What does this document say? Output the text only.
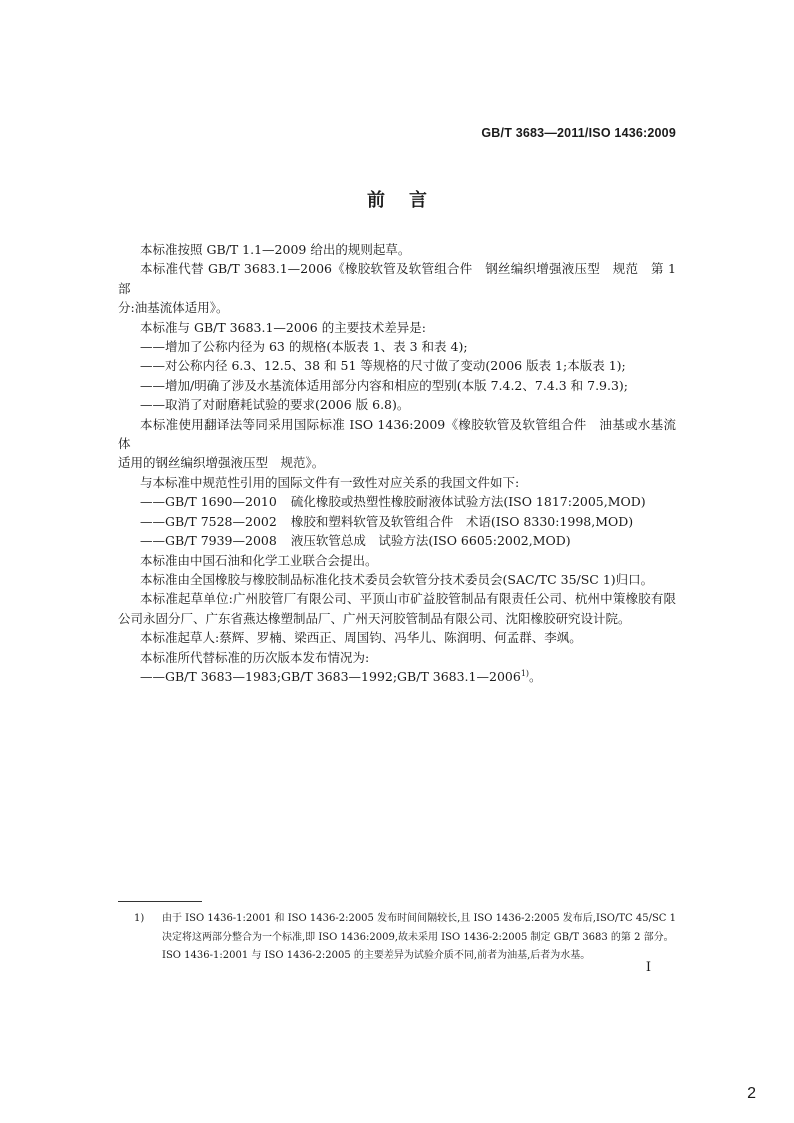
GB/T 3683—2011/ISO 1436:2009
前言
本标准按照 GB/T 1.1—2009 给出的规则起草。
本标准代替 GB/T 3683.1—2006《橡胶软管及软管组合件　钢丝编织增强液压型　规范　第 1 部
分:油基流体适用》。
本标准与 GB/T 3683.1—2006 的主要技术差异是:
——增加了公称内径为 63 的规格(本版表 1、表 3 和表 4);
——对公称内径 6.3、12.5、38 和 51 等规格的尺寸做了变动(2006 版表 1;本版表 1);
——增加/明确了涉及水基流体适用部分内容和相应的型别(本版 7.4.2、7.4.3 和 7.9.3);
——取消了对耐磨耗试验的要求(2006 版 6.8)。
本标准使用翻译法等同采用国际标准 ISO 1436:2009《橡胶软管及软管组合件　油基或水基流体
适用的钢丝编织增强液压型　规范》。
与本标准中规范性引用的国际文件有一致性对应关系的我国文件如下:
——GB/T 1690—2010 硫化橡胶或热塑性橡胶耐液体试验方法(ISO 1817:2005,MOD)
——GB/T 7528—2002 橡胶和塑料软管及软管组合件　术语(ISO 8330:1998,MOD)
——GB/T 7939—2008 液压软管总成　试验方法(ISO 6605:2002,MOD)
本标准由中国石油和化学工业联合会提出。
本标准由全国橡胶与橡胶制品标准化技术委员会软管分技术委员会(SAC/TC 35/SC 1)归口。
本标准起草单位:广州胶管厂有限公司、平顶山市矿益胶管制品有限责任公司、杭州中策橡胶有限
公司永固分厂、广东省燕达橡塑制品厂、广州天河胶管制品有限公司、沈阳橡胶研究设计院。
本标准起草人:蔡辉、罗楠、梁西正、周国钧、冯华儿、陈润明、何孟群、李飒。
本标准所代替标准的历次版本发布情况为:
——GB/T 3683—1983;GB/T 3683—1992;GB/T 3683.1—2006$^{1)}$。
1) 由于 ISO 1436-1:2001 和 ISO 1436-2:2005 发布时间间隔较长,且 ISO 1436-2:2005 发布后,ISO/TC 45/SC 1
决定将这两部分整合为一个标准,即 ISO 1436:2009,故未采用 ISO 1436-2:2005 制定 GB/T 3683 的第 2 部分。
ISO 1436-1:2001 与 ISO 1436-2:2005 的主要差异为试验介质不同,前者为油基,后者为水基。
I
2
